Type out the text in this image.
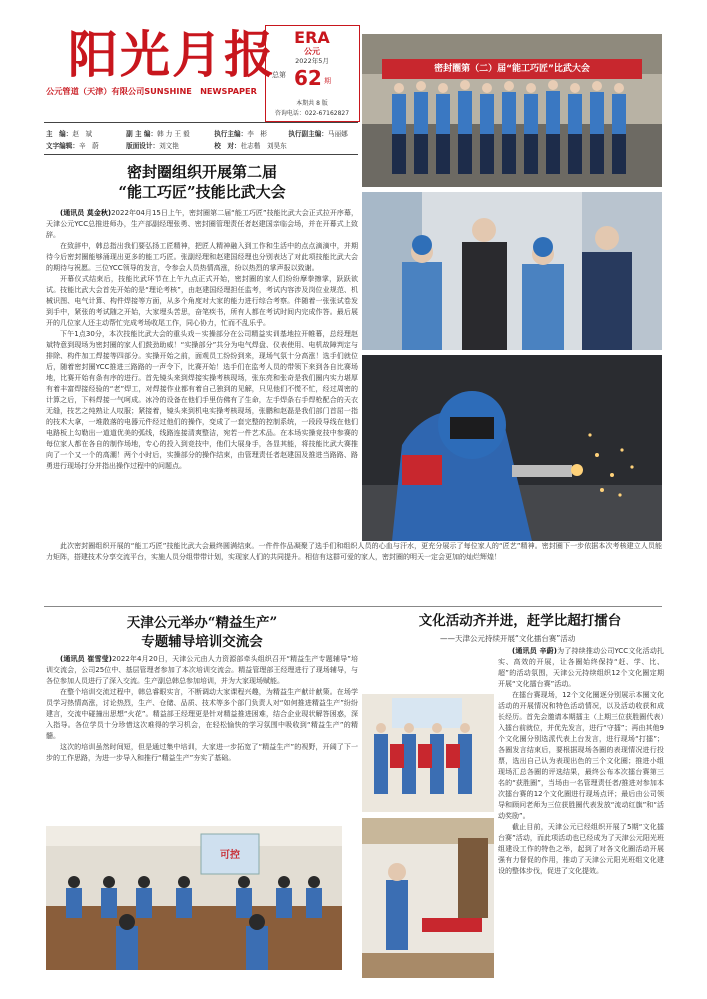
阳光月报
公元管道（天津）有限公司SUNSHINE　NEWSPAPER
ERA
公元
2022年5月
总第 62 期
本期共 8 版
咨询电话：022-67162827
主　编：赵　斌	副 主 编：韩 力 王 毅	执行主编：李　彬	执行副主编：马丽娜
文字编辑：辛　蔚	版面设计：刘文艳	校　对：杜志楷　刘昊东
密封圈组织开展第二届
“能工巧匠”技能比武大会

(通讯员 莫金秋)2022年04月15日上午，密封圈第二届“能工巧匠”技能比武大会正式拉开序幕，天津公元YCC总推进师办，生产部副经理张勇、密封圈管理责任者赵建国亲临会场，并在开幕式上致辞。

在致辞中，韩总指出我们要弘扬工匠精神，把匠人精神融入到工作和生活中的点点滴滴中，并期待今后密封圈能够涌现出更多的能工巧匠。张副经理和赵建国经理也分别表达了对此项技能比武大会的期待与祝愿。三位YCC领导的发言，令参会人员热情高涨，纷以热烈的掌声报以致谢。

开幕仪式结束后，技能比武环节在上午九点正式开始，密封圈的家人们纷纷摩拳擦掌，跃跃欲试。技能比武大会首先开始的是“理论考核”，由赵建国经理担任监考，考试内容涉及岗位业规范、机械识图、电气计算、构件焊接等方面，从多个角度对大家的能力进行综合考察。伴随着一张张试卷发到手中，紧张的考试随之开始，大家埋头苦思，奋笔疾书，所有人都在考试时间内完成作答。最后展开的几位家人还主动帮忙完成考场收尾工作，同心协力，忙而不乱乐乎。

下午1点30分，本次技能比武大会的重头戏－实操部分在公司精益实训基地拉开帷幕，总经理赵斌特意到现场为密封圈的家人们鼓劲助威！“实操部分”共分为电气焊盘、仪表使用、电机故障判定与排除、构件加工焊接等四部分。实操开始之前，面观员工纷纷到来，现场气氛十分高涨！选手们就位后，随着密封圈YCC推进三路路的一声令下，比赛开始！选手们在监考人员的带领下来到各自比赛场地，比赛开始有条有序的进行。首先镜头来到焊接实操考核现场，张东亮和张奇是我们圈内实力堪厚有着丰富焊接经验的“老”焊工，对焊接作业都有着自己独到的见解，只见他们不慌不忙，经过周密的计算之后，下料焊接一气呵成。冰冷的设备在他们手里仿佛有了生命，左手焊条右手焊枪配合的天衣无缝，技艺之纯熟让人叹服；紧接着，镜头来到机电实操考核现场，张鹏和赵磊是我们部门首屈一指的技术大拿，一堆散落的电器元件经过他们的操作，变成了一套完整的控制系统，一段段导线在他们电路板上勾勒出一道道优美的弧线，线路连接清爽整洁，宛若一件艺术品。在本场实操竞技中参赛的每位家人都在各自的制作场地，专心的投入到竞技中，他们大展身手，各显其能，将技能比武大赛推向了一个又一个的高潮！两个小时后，实操部分的操作结束，由管理责任者赵建国及推进当路路、路勇进行现场打分并指出操作过程中的问题点。

密封圈第（二）届“能工巧匠”比武大会

此次密封圈组织开展的“能工巧匠”技能比武大会最终圆满结束。一件件作品凝聚了选手们和组织人员的心血与汗水，更充分展示了每位家人的“匠艺”精神。密封圈下一步依据本次考核建立人员能力矩阵，搭建技术分享交流平台，实施人员分组带带计划，实现家人们的共同提升。相信有这群可爱的家人，密封圈的明天一定会更加的灿烂辉煌！

天津公元举办“精益生产”
专题辅导培训交流会

(通讯员 崔雪莹)2022年4月20日，天津公元由人力资源部牵头组织召开“精益生产专题辅导”培训交流会，公司25位中、基层管理者参加了本次培训交流会。精益管理部王经理进行了现场辅导，与各位参加人员进行了深入交流。生产副总韩总参加培训，并为大家现场赋能。

在整个培训交流过程中，韩总睿眼实言，不断调动大家课程兴趣，为精益生产献计献策。在场学员学习热情高涨，讨论热烈，生产、仓储、品质、技术等多个部门负责人对“如何推进精益生产”纷纷建言，交流中碰撞出思想“火花”。精益部王经理更是针对精益推进困难，结合企业现状解答困惑，深入指导。各位学员十分珍惜这次难得的学习机会，在轻松愉快的学习氛围中吸收到“精益生产”的精髓。

这次的培训虽然时间短，但是通过集中培训，大家进一步拓宽了“精益生产”的视野，开阔了下一步的工作思路，为进一步导入和推行“精益生产”夯实了基础。

可控
文化活动齐并进，赶学比超打擂台
——天津公元持续开展“文化擂台赛”活动

(通讯员 辛蔚)为了持续推动公司YCC文化活动扎实、高效的开展，让各圈始终保持“赶、学、比、超”的活动氛围，天津公元持续组织12个文化圈定期开展“文化擂台赛”活动。

在擂台赛现场，12个文化圈逐分别展示本圈文化活动的开展情况和特色活动情况，以及活动收获和成长经历。首先会邀请本期擂主（上期三位获胜圈代表）入擂台前就位，并优先发言，进行“守擂”；再由其他9个文化圈分别选派代表上台发言，进行现场“打擂”；各圈发言结束后，要根据现场各圈的表现情况进行投票，选出自己认为表现出色的三个文化圈；推进小组现场汇总各圈的评选结果，最终公布本次擂台赛第三名的“获胜圈”，当场由一名管理责任者/推进对参加本次擂台赛的12个文化圈进行现场点评；最后由公司领导和顾问老师为三位获胜圈代表发放“流动红旗”和“活动奖励”。

截止目前，天津公元已经组织开展了5期“文化擂台赛”活动，而此项活动也已经成为了天津公元阳光班组建设工作的特色之举，起到了对各文化圈活动开展强有力督促的作用，推动了天津公元阳光班组文化建设的整体步伐，促进了文化提效。
